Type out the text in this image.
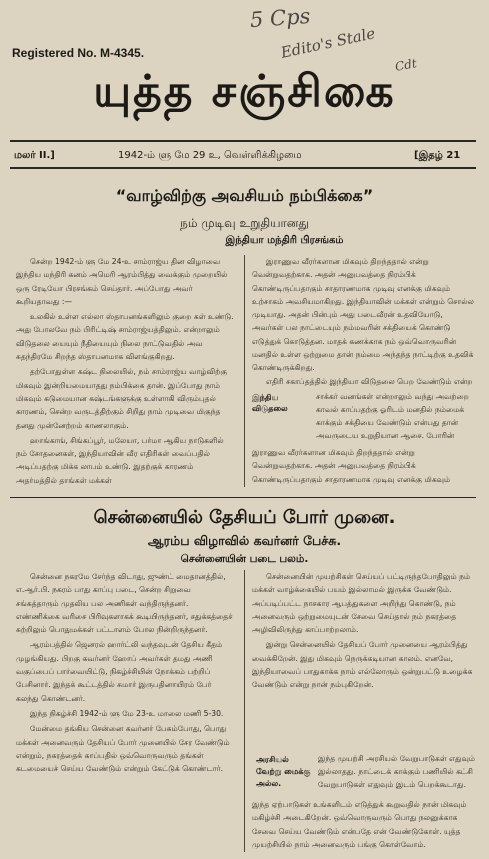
5 Cps
Edito's Stale
Cdt
Registered No. M-4345.
யுத்த சஞ்சிகை
மலர் II.]	1942-ம் ளு மே 29 உ, வெள்ளிக்கிழமை	[இதழ் 21
“வாழ்விற்கு அவசியம் நம்பிக்கை”
நம் முடிவு உறுதியானது
இந்தியா மந்திரி பிரசங்கம்

சென்ற 1942-ம் ளு மே 24-உ சாம்ராஜ்ய தின விழாவை இந்திய மந்திரி கனம் அமெரி ஆரம்பித்து வைக்கும் முறையில் ஒரு ரேடியோ பிரசங்கம் செய்தார். அப்போது அவர் கூறியதாவது :—

உலகில் உள்ள எல்லா ஸ்தாபனங்களிலும் குறை கள் உண்டு. அது போலவே நம் பிரிட்டிஷ் சாம்ராஜ்யத்திலும். என்றாலும் விடுதலை யையும் நீதியையும் நிலை நாட்டுவதில் அவ சுதந்திரமே சிறந்த ஸ்தாபனமாக விளங்குகிறது.

தற்போதுள்ள கஷ்ட நிலையில், நம் சாம்ராஜ்ய வாழ்விற்கு மிகவும் இன்றியமையாதது நம்பிக்கை தான். இப்போது நாம் மிகவும் கடுமையான கஷ்டங்களுக்கு உள்ளாகி விரும்புதல் காரணம், சென்ற வருடத்திற்கும் சிறிது நாம் முடிவை மிகுந்த தனது முன்னேற்றம் காணலாகும்.

ஹாங்காங், சிங்கப்பூர், மலேயா, பர்மா ஆகிய நாடுகளில் நம் சோதனைகள், இந்தியாவின் வீர எதிரிகள் வைப்பதில் அடிப்பதற்கு மிக்க லாபம் உண்டு. இதற்குக் காரணம் அதர்மத்தில் தாங்கள் மக்கள்

இராணுவ வீரர்களான மிகவும் திறந்ததால் என்று வென்றுவதற்காக. அதன் அனுபவத்தை நிரம்பிக் கொண்டிருப்பதாகும் சாதாரணமாக முடிவு எனக்கு மிகவும் உற்சாகம் அவசியமாகிறது. இந்தியாவின் மக்கள் என்றும் சொல்ல முடியாது. அதன் பின்பும் அது படைவீரன் உதவியோடு, அவர்கள் பல நாட்டையும் நம்மவரின் சக்தியைக் கொண்டு எடுத்துக் கொடுத்தன. மாதக் கணக்காக நம் ஒவ்வொருவரின் மனதில் உள்ள ஒற்றுமை தான் நம்மை அந்தந்த நாட்டிற்கு உதவிக் கொண்டிருக்கிறது.

எதிரி சகாப்தத்தில் இந்தியா விடுதலை பெற வேண்டும் என்ற

இந்திய விடுதலை
சாக்கர் வனங்கள் என்றாலும் வந்து அவற்றை காவல் காப்பதற்கு ஓரிடம் மனதில் நம்மைக் காக்கும் சக்தியை வேண்டும் என்பது தான் அவருடைய உறுதியான ஆசை. போரின்
இராணுவ வீரர்களான மிகவும் திறந்ததால் என்று வென்றுவதற்காக. அதன் அனுபவத்தை நிரம்பிக் கொண்டிருப்பதாகும் சாதாரணமாக முடிவு எனக்கு மிகவும்
சென்னையில் தேசியப் போர் முனை.
ஆரம்ப விழாவில் கவர்னர் பேச்சு.
சென்னையின் படை பலம்.

சென்னை நகரமே சேர்ந்த விடாது, ஜுண்ட் மைதானத்தில், எ.ஆர்.பி. நகரம் பாது காப்பு படை, சென்ற சிறுவை சங்கத்தாரும் முதலிய பல அணிகள் வந்திருந்தனர். எண்ணிக்கை வரிசை பிரிவுகளாகக் கூடியிருந்தனர், சதுக்கத்தைச் சுற்றிலும் பொதுமக்கள் பட்டாளம் போல நின்றிருந்தனர்.

ஆரம்பத்தில் ஜெனரல் ஹார்ட்லி வந்தவுடன் தேசிய கீதம் முழங்கியது. பிறகு கவர்னர் ஹோப் அவர்கள் தமது அணி வகுப்பைப் பார்வையிட்டு, நிகழ்ச்சியின் நோக்கம் பற்றிப் பேசினார். இந்தக் கூட்டத்தில் சுமார் இருபதினாயிரம் பேர் கலந்து கொண்டனர்.

இந்த நிகழ்ச்சி 1942-ம் ளு மே 23-உ மாலை மணி 5-30.

மேன்மை தங்கிய சென்னை கவர்னர் பேசும்போது, பொது மக்கள் அனைவரும் தேசியப் போர் முனையில் சேர வேண்டும் என்றும், நகரத்தைக் காப்பதில் ஒவ்வொருவரும் தங்கள் கடமையைச் செய்ய வேண்டும் என்றும் கேட்டுக் கொண்டார்.

சென்னையின் முயற்சிகள் செய்யப் பட்டிருந்தபோதிலும் நம் மக்கள் வாழ்க்கையில் பயம் இல்லாமல் இருக்க வேண்டும். அப்படிப்பட்ட நாசகார ஆபத்துகளை அறிந்து கொண்டு, நம் அனைவரும் ஒற்றுமையுடன் சேவை செய்தால் நம் நகரத்தை அழிவிலிருந்து காப்பாற்றலாம்.

இன்று சென்னையில் தேசியப் போர் முனையை ஆரம்பித்து வைக்கிறேன். இது மிகவும் நெருக்கடியான காலம். எனவே, இந்தியாவைப் பாதுகாக்க நாம் எல்லோரும் ஒன்றுபட்டு உழைக்க வேண்டும் என்று நான் நம்புகிறேன்.

அரசியல் வேற்று மைக்கு அல்ல.
இந்த முயற்சி அரசியல் வேறுபாடுகள் எதுவும் இல்லாதது. நாட்டைக் காக்கும் பணியில் கட்சி வேறுபாடுகள் எதுவும் இடம் பெறக்கூடாது.
இந்த ஏற்பாடுகள் உங்களிடம் எடுத்துக் கூறுவதில் நான் மிகவும் மகிழ்ச்சி அடைகிறேன். ஒவ்வொருவரும் பொது நலனுக்காக சேவை செய்ய வேண்டும் என்பதே என் வேண்டுகோள். யுத்த முயற்சியில் நாம் அனைவரும் பங்கு கொள்வோம்.
